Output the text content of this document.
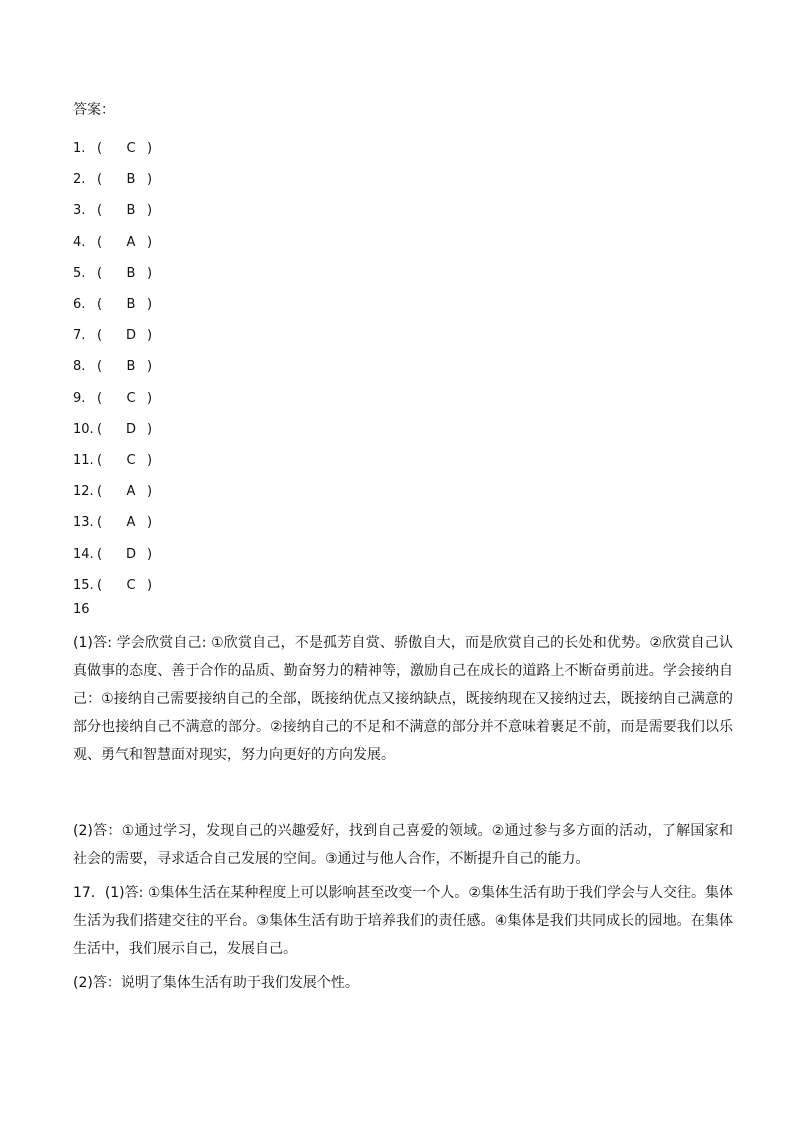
答案：
1. (	C )
2. (	B )
3. (	B )
4. (	A )
5. (	B )
6. (	B )
7. (	D )
8. (	B )
9. (	C )
10. (	D )
11. (	C )
12. (	A )
13. (	A )
14. (	D )
15. (	C )
16
(1)答: 学会欣赏自己: ①欣赏自己，不是孤芳自赏、骄傲自大，而是欣赏自己的长处和优势。②欣赏自己认真做事的态度、善于合作的品质、勤奋努力的精神等，激励自己在成长的道路上不断奋勇前进。学会接纳自己：①接纳自己需要接纳自己的全部，既接纳优点又接纳缺点，既接纳现在又接纳过去，既接纳自己满意的部分也接纳自己不满意的部分。②接纳自己的不足和不满意的部分并不意味着裹足不前，而是需要我们以乐观、勇气和智慧面对现实，努力向更好的方向发展。
(2)答：①通过学习，发现自己的兴趣爱好，找到自己喜爱的领域。②通过参与多方面的活动，了解国家和社会的需要，寻求适合自己发展的空间。③通过与他人合作，不断提升自己的能力。
17．(1)答: ①集体生活在某种程度上可以影响甚至改变一个人。②集体生活有助于我们学会与人交往。集体生活为我们搭建交往的平台。③集体生活有助于培养我们的责任感。④集体是我们共同成长的园地。在集体生活中，我们展示自己，发展自己。
(2)答：说明了集体生活有助于我们发展个性。
